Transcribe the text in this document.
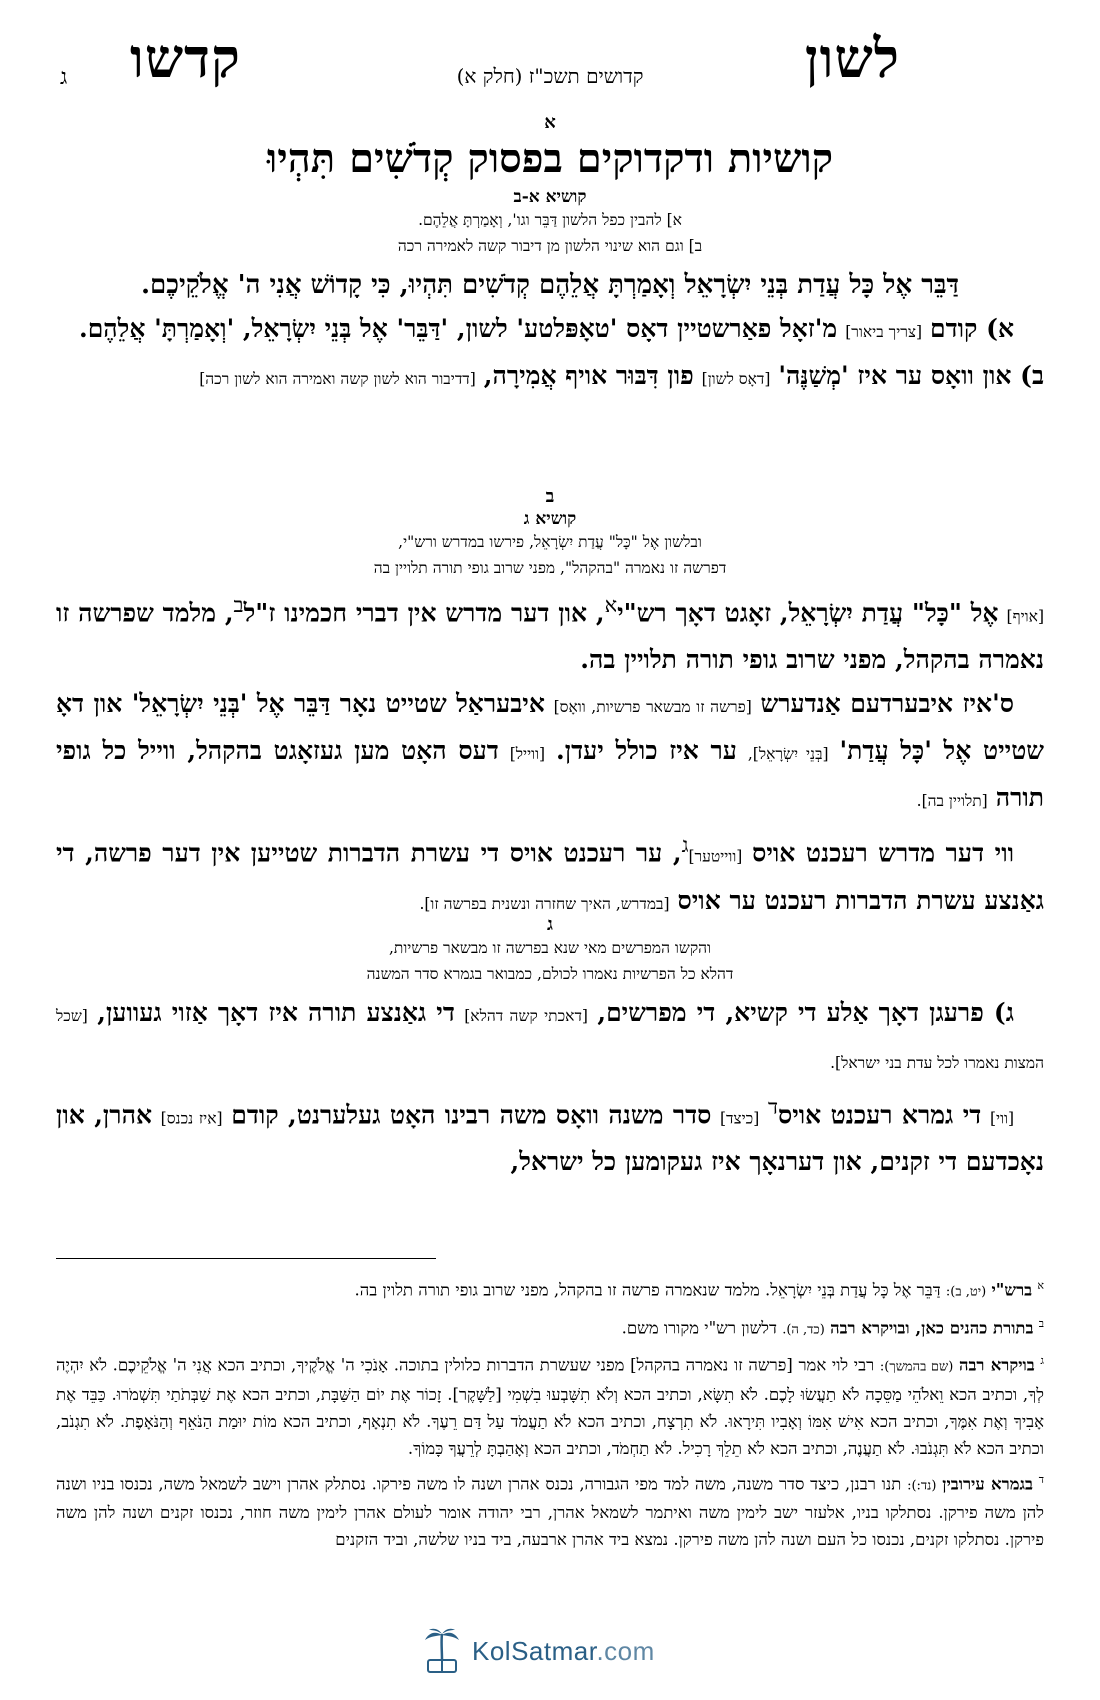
לשון
קדושים תשכ"ז (חלק א)
קדשו
ג
א
קושיות ודקדוקים בפסוק קְדֹשִׁים תִּהְיוּ
קושיא א-ב
א] להבין כפל הלשון דַּבֵּר וגו', וְאָמַרְתָּ אֲלֵהֶם.
ב] וגם הוא שינוי הלשון מן דיבור קשה לאמירה רכה

דַּבֵּר אֶל כָּל עֲדַת בְּנֵי יִשְׂרָאֵל וְאָמַרְתָּ אֲלֵהֶם קְדֹשִׁים תִּהְיוּ, כִּי קָדוֹשׁ אֲנִי ה' אֱלֹקֵיכֶם.

א) קודם [צריך ביאור] מ'זאָל פאַרשטיין דאָס 'טאָפּלטע' לשון, 'דַּבֵּר' אֶל בְּנֵי יִשְׂרָאֵל, 'וְאָמַרְתָּ' אֲלֵהֶם.

ב) און וואָס ער איז 'מְשַׁנֶּה' [דאָס לשון] פון דִּבּוּר אויף אֲמִירָה, [דדיבור הוא לשון קשה ואמירה הוא לשון רכה]

ב
קושיא ג
ובלשון אֶל "כָּל" עֲדַת יִשְׂרָאֵל, פירשו במדרש ורש"י,
דפרשה זו נאמרה "בהקהל", מפני שרוב גופי תורה תלויין בה

[אויף] אֶל "כָּל" עֲדַת יִשְׂרָאֵל, זאָגט דאָך רש"י$^א$, און דער מדרש אין דברי חכמינו ז"ל$^ב$, מלמד שפרשה זו נאמרה בהקהל, מפני שרוב גופי תורה תלויין בה.

ס'איז איבערדעם אַנדערש [פרשה זו מבשאר פרשיות, וואָס] איבעראַל שטייט נאָר דַּבֵּר אֶל 'בְּנֵי יִשְׂרָאֵל' און דאָ שטייט אֶל 'כָּל עֲדַת' [בְּנֵי יִשְׂרָאֵל], ער איז כולל יעדן. [ווייל] דעס האָט מען געזאָגט בהקהל, ווייל כל גופי תורה [תלויין בה].

ווי דער מדרש רעכנט אויס [ווייטער]$^ג$, ער רעכנט אויס די עשרת הדברות שטייען אין דער פרשה, די גאַנצע עשרת הדברות רעכנט ער אויס [במדרש, האיך שחזרה ונשנית בפרשה זו].

ג
והקשו המפרשים מאי שנא בפרשה זו מבשאר פרשיות,
דהלא כל הפרשיות נאמרו לכולם, כמבואר בגמרא סדר המשנה

ג) פרעגן דאָך אַלע די קשיא, די מפרשים, [דאכתי קשה דהלא] די גאַנצע תורה איז דאָך אַזוי געווען, [שכל המצות נאמרו לכל עדת בני ישראל].

[ווי] די גמרא רעכנט אויס$^ד$ [כיצד] סדר משנה וואָס משה רבינו האָט געלערנט, קודם [איז נכנס] אהרן, און נאָכדעם די זקנים, און דערנאָך איז געקומען כל ישראל,

$^א$ ברש"י (יט, ב): דַּבֵּר אֶל כָּל עֲדַת בְּנֵי יִשְׂרָאֵל. מלמד שנאמרה פרשה זו בהקהל, מפני שרוב גופי תורה תלוין בה.

$^ב$ בתורת כהנים כאן, ובויקרא רבה (כד, ה). דלשון רש"י מקורו משם.

$^ג$ בויקרא רבה (שם בהמשך): רבי לוי אמר [פרשה זו נאמרה בהקהל] מפני שעשרת הדברות כלולין בתוכה. אָנֹכִי ה' אֱלֹקֶיךָ, וכתיב הכא אֲנִי ה' אֱלֹקֵיכֶם. לֹא יִהְיֶה לְךָ, וכתיב הכא וֵאלֹהֵי מַסֵּכָה לֹא תַעֲשׂוּ לָכֶם. לֹא תִשָּׂא, וכתיב הכא וְלֹא תִשָּׁבְעוּ בִשְׁמִי [לַשָּׁקֶר]. זָכוֹר אֶת יוֹם הַשַּׁבָּת, וכתיב הכא אֶת שַׁבְּתֹתַי תִּשְׁמֹרוּ. כַּבֵּד אֶת אָבִיךָ וְאֶת אִמֶּךָ, וכתיב הכא אִישׁ אִמּוֹ וְאָבִיו תִּירָאוּ. לֹא תִרְצָח, וכתיב הכא לֹא תַעֲמֹד עַל דַּם רֵעֶךָ. לֹא תִנְאָף, וכתיב הכא מוֹת יוּמַת הַנֹּאֵף וְהַנֹּאָפֶת. לֹא תִגְנֹב, וכתיב הכא לֹא תִּגְנֹבוּ. לֹא תַעֲנֶה, וכתיב הכא לֹא תֵלֵךְ רָכִיל. לֹא תַחְמֹד, וכתיב הכא וְאָהַבְתָּ לְרֵעֲךָ כָּמוֹךָ.

$^ד$ בגמרא עירובין (נד:): תנו רבנן, כיצד סדר משנה, משה למד מפי הגבורה, נכנס אהרן ושנה לו משה פירקו. נסתלק אהרן וישב לשמאל משה, נכנסו בניו ושנה להן משה פירקן. נסתלקו בניו, אלעזר ישב לימין משה ואיתמר לשמאל אהרן, רבי יהודה אומר לעולם אהרן לימין משה חוזר, נכנסו זקנים ושנה להן משה פירקן. נסתלקו זקנים, נכנסו כל העם ושנה להן משה פירקן. נמצא ביד אהרן ארבעה, ביד בניו שלשה, וביד הזקנים

KolSatmar.com
